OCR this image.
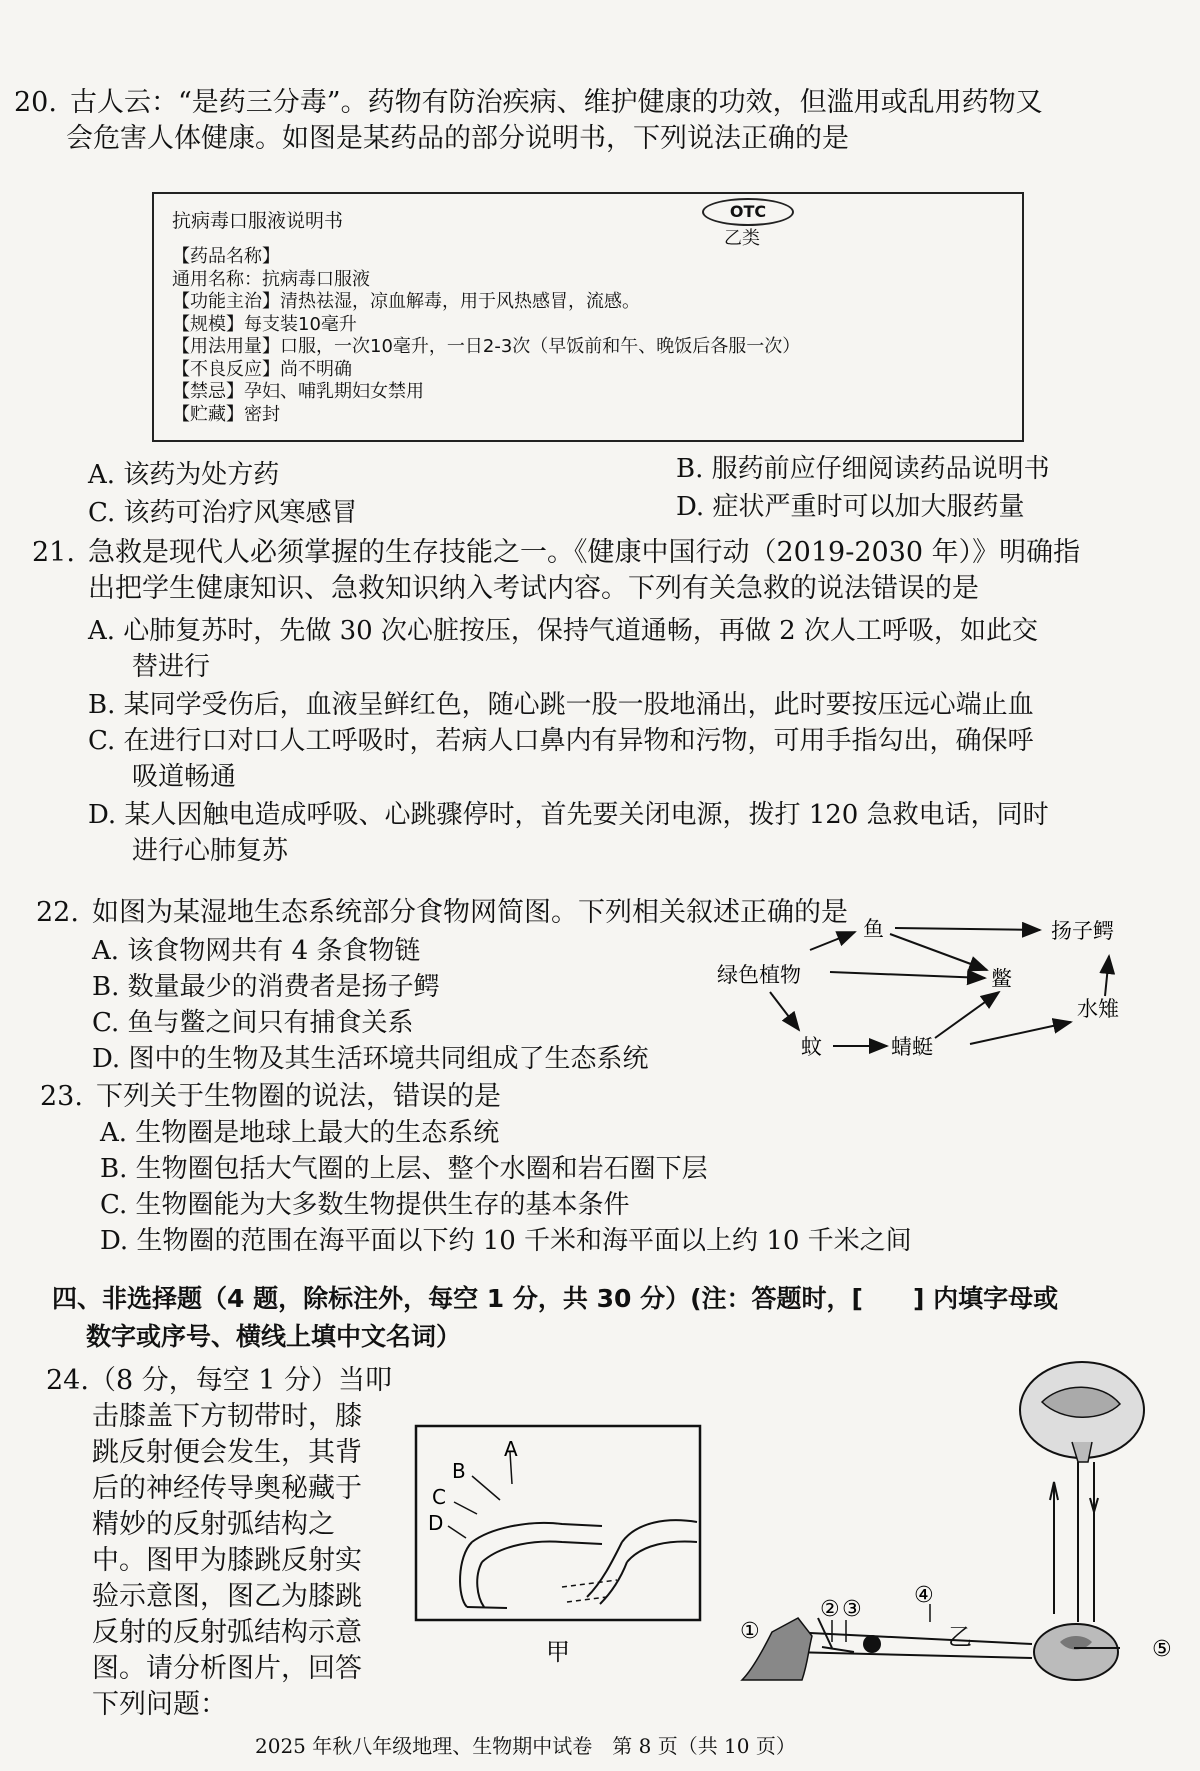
20. 古人云：“是药三分毒”。药物有防治疾病、维护健康的功效，但滥用或乱用药物又
会危害人体健康。如图是某药品的部分说明书，下列说法正确的是
抗病毒口服液说明书	OTC
乙类
【药品名称】
通用名称：抗病毒口服液
【功能主治】清热祛湿，凉血解毒，用于风热感冒，流感。
【规模】每支装10毫升
【用法用量】口服，一次10毫升，一日2-3次（早饭前和午、晚饭后各服一次）
【不良反应】尚不明确
【禁忌】孕妇、哺乳期妇女禁用
【贮藏】密封
A. 该药为处方药	B. 服药前应仔细阅读药品说明书
C. 该药可治疗风寒感冒	D. 症状严重时可以加大服药量
21. 急救是现代人必须掌握的生存技能之一。《健康中国行动（2019-2030 年）》明确指
出把学生健康知识、急救知识纳入考试内容。下列有关急救的说法错误的是
A. 心肺复苏时，先做 30 次心脏按压，保持气道通畅，再做 2 次人工呼吸，如此交
替进行
B. 某同学受伤后，血液呈鲜红色，随心跳一股一股地涌出，此时要按压远心端止血
C. 在进行口对口人工呼吸时，若病人口鼻内有异物和污物，可用手指勾出，确保呼
吸道畅通
D. 某人因触电造成呼吸、心跳骤停时，首先要关闭电源，拨打 120 急救电话，同时
进行心肺复苏
22. 如图为某湿地生态系统部分食物网简图。下列相关叙述正确的是
A. 该食物网共有 4 条食物链
B. 数量最少的消费者是扬子鳄
C. 鱼与鳖之间只有捕食关系
D. 图中的生物及其生活环境共同组成了生态系统
绿色植物
鱼	扬子鳄
鳖
水雉
蚊	蜻蜓
23. 下列关于生物圈的说法，错误的是
A. 生物圈是地球上最大的生态系统
B. 生物圈包括大气圈的上层、整个水圈和岩石圈下层
C. 生物圈能为大多数生物提供生存的基本条件
D. 生物圈的范围在海平面以下约 10 千米和海平面以上约 10 千米之间
四、非选择题（4 题，除标注外，每空 1 分，共 30 分）(注：答题时，[　　] 内填字母或
数字或序号、横线上填中文名词）
24.（8 分，每空 1 分）当叩
击膝盖下方韧带时，膝
跳反射便会发生，其背
后的神经传导奥秘藏于
精妙的反射弧结构之
中。图甲为膝跳反射实
验示意图，图乙为膝跳
反射的反射弧结构示意
图。请分析图片，回答
下列问题：
A
B
C
D
甲
①
② ③
④
⑤
乙
2025 年秋八年级地理、生物期中试卷　第 8 页（共 10 页）
